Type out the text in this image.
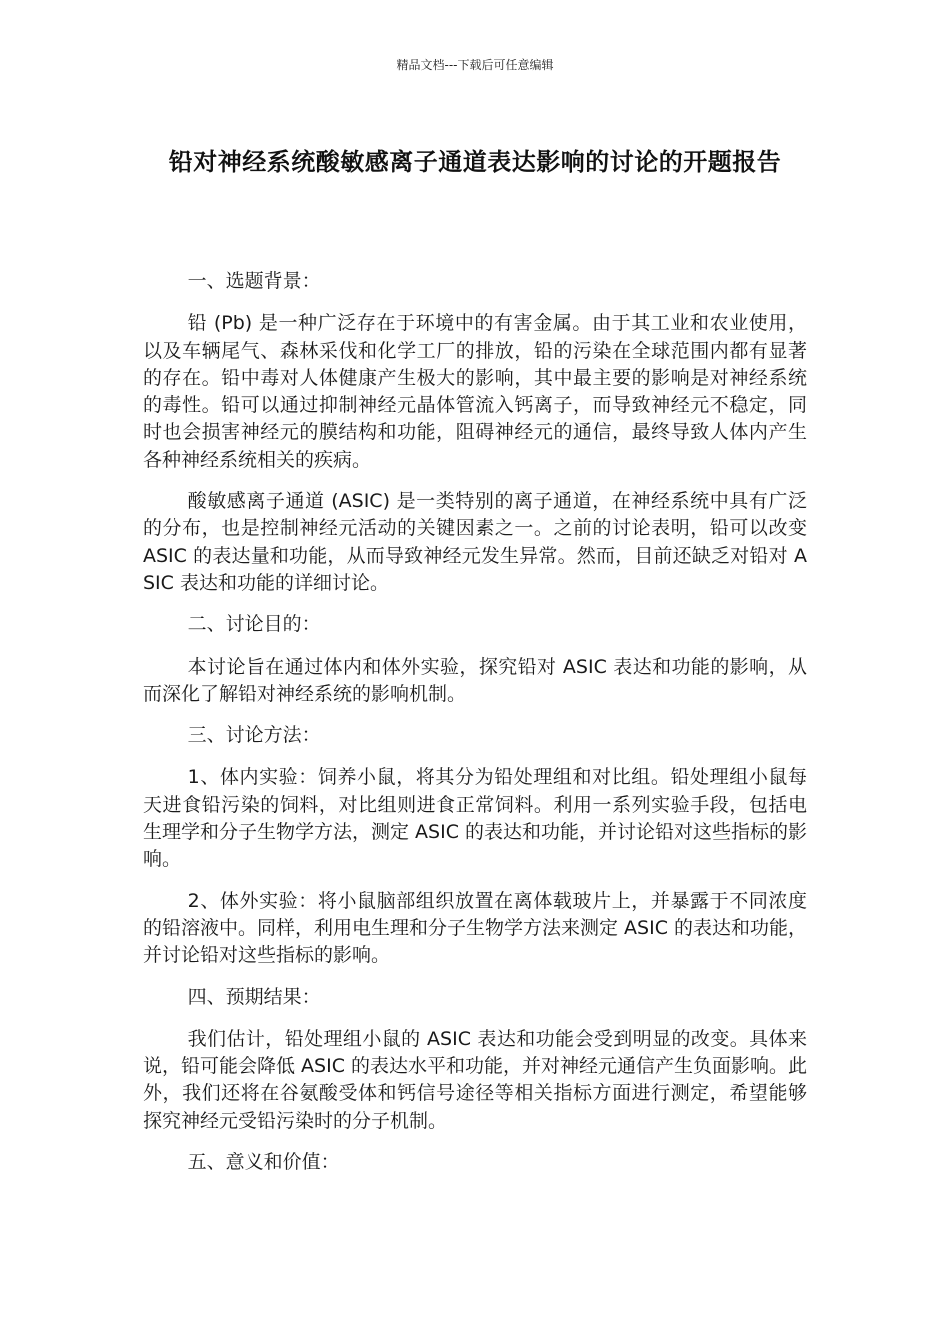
精品文档---下载后可任意编辑
铅对神经系统酸敏感离子通道表达影响的讨论的开题报告

一、选题背景：

铅 (Pb) 是一种广泛存在于环境中的有害金属。由于其工业和农业使用，以及车辆尾气、森林采伐和化学工厂的排放，铅的污染在全球范围内都有显著的存在。铅中毒对人体健康产生极大的影响，其中最主要的影响是对神经系统的毒性。铅可以通过抑制神经元晶体管流入钙离子，而导致神经元不稳定，同时也会损害神经元的膜结构和功能，阻碍神经元的通信，最终导致人体内产生各种神经系统相关的疾病。

酸敏感离子通道 (ASIC) 是一类特别的离子通道，在神经系统中具有广泛的分布，也是控制神经元活动的关键因素之一。之前的讨论表明，铅可以改变 ASIC 的表达量和功能，从而导致神经元发生异常。然而，目前还缺乏对铅对 ASIC 表达和功能的详细讨论。

二、讨论目的：

本讨论旨在通过体内和体外实验，探究铅对 ASIC 表达和功能的影响，从而深化了解铅对神经系统的影响机制。

三、讨论方法：

1、体内实验：饲养小鼠，将其分为铅处理组和对比组。铅处理组小鼠每天进食铅污染的饲料，对比组则进食正常饲料。利用一系列实验手段，包括电生理学和分子生物学方法，测定 ASIC 的表达和功能，并讨论铅对这些指标的影响。

2、体外实验：将小鼠脑部组织放置在离体载玻片上，并暴露于不同浓度的铅溶液中。同样，利用电生理和分子生物学方法来测定 ASIC 的表达和功能，并讨论铅对这些指标的影响。

四、预期结果：

我们估计，铅处理组小鼠的 ASIC 表达和功能会受到明显的改变。具体来说，铅可能会降低 ASIC 的表达水平和功能，并对神经元通信产生负面影响。此外，我们还将在谷氨酸受体和钙信号途径等相关指标方面进行测定，希望能够探究神经元受铅污染时的分子机制。

五、意义和价值：
